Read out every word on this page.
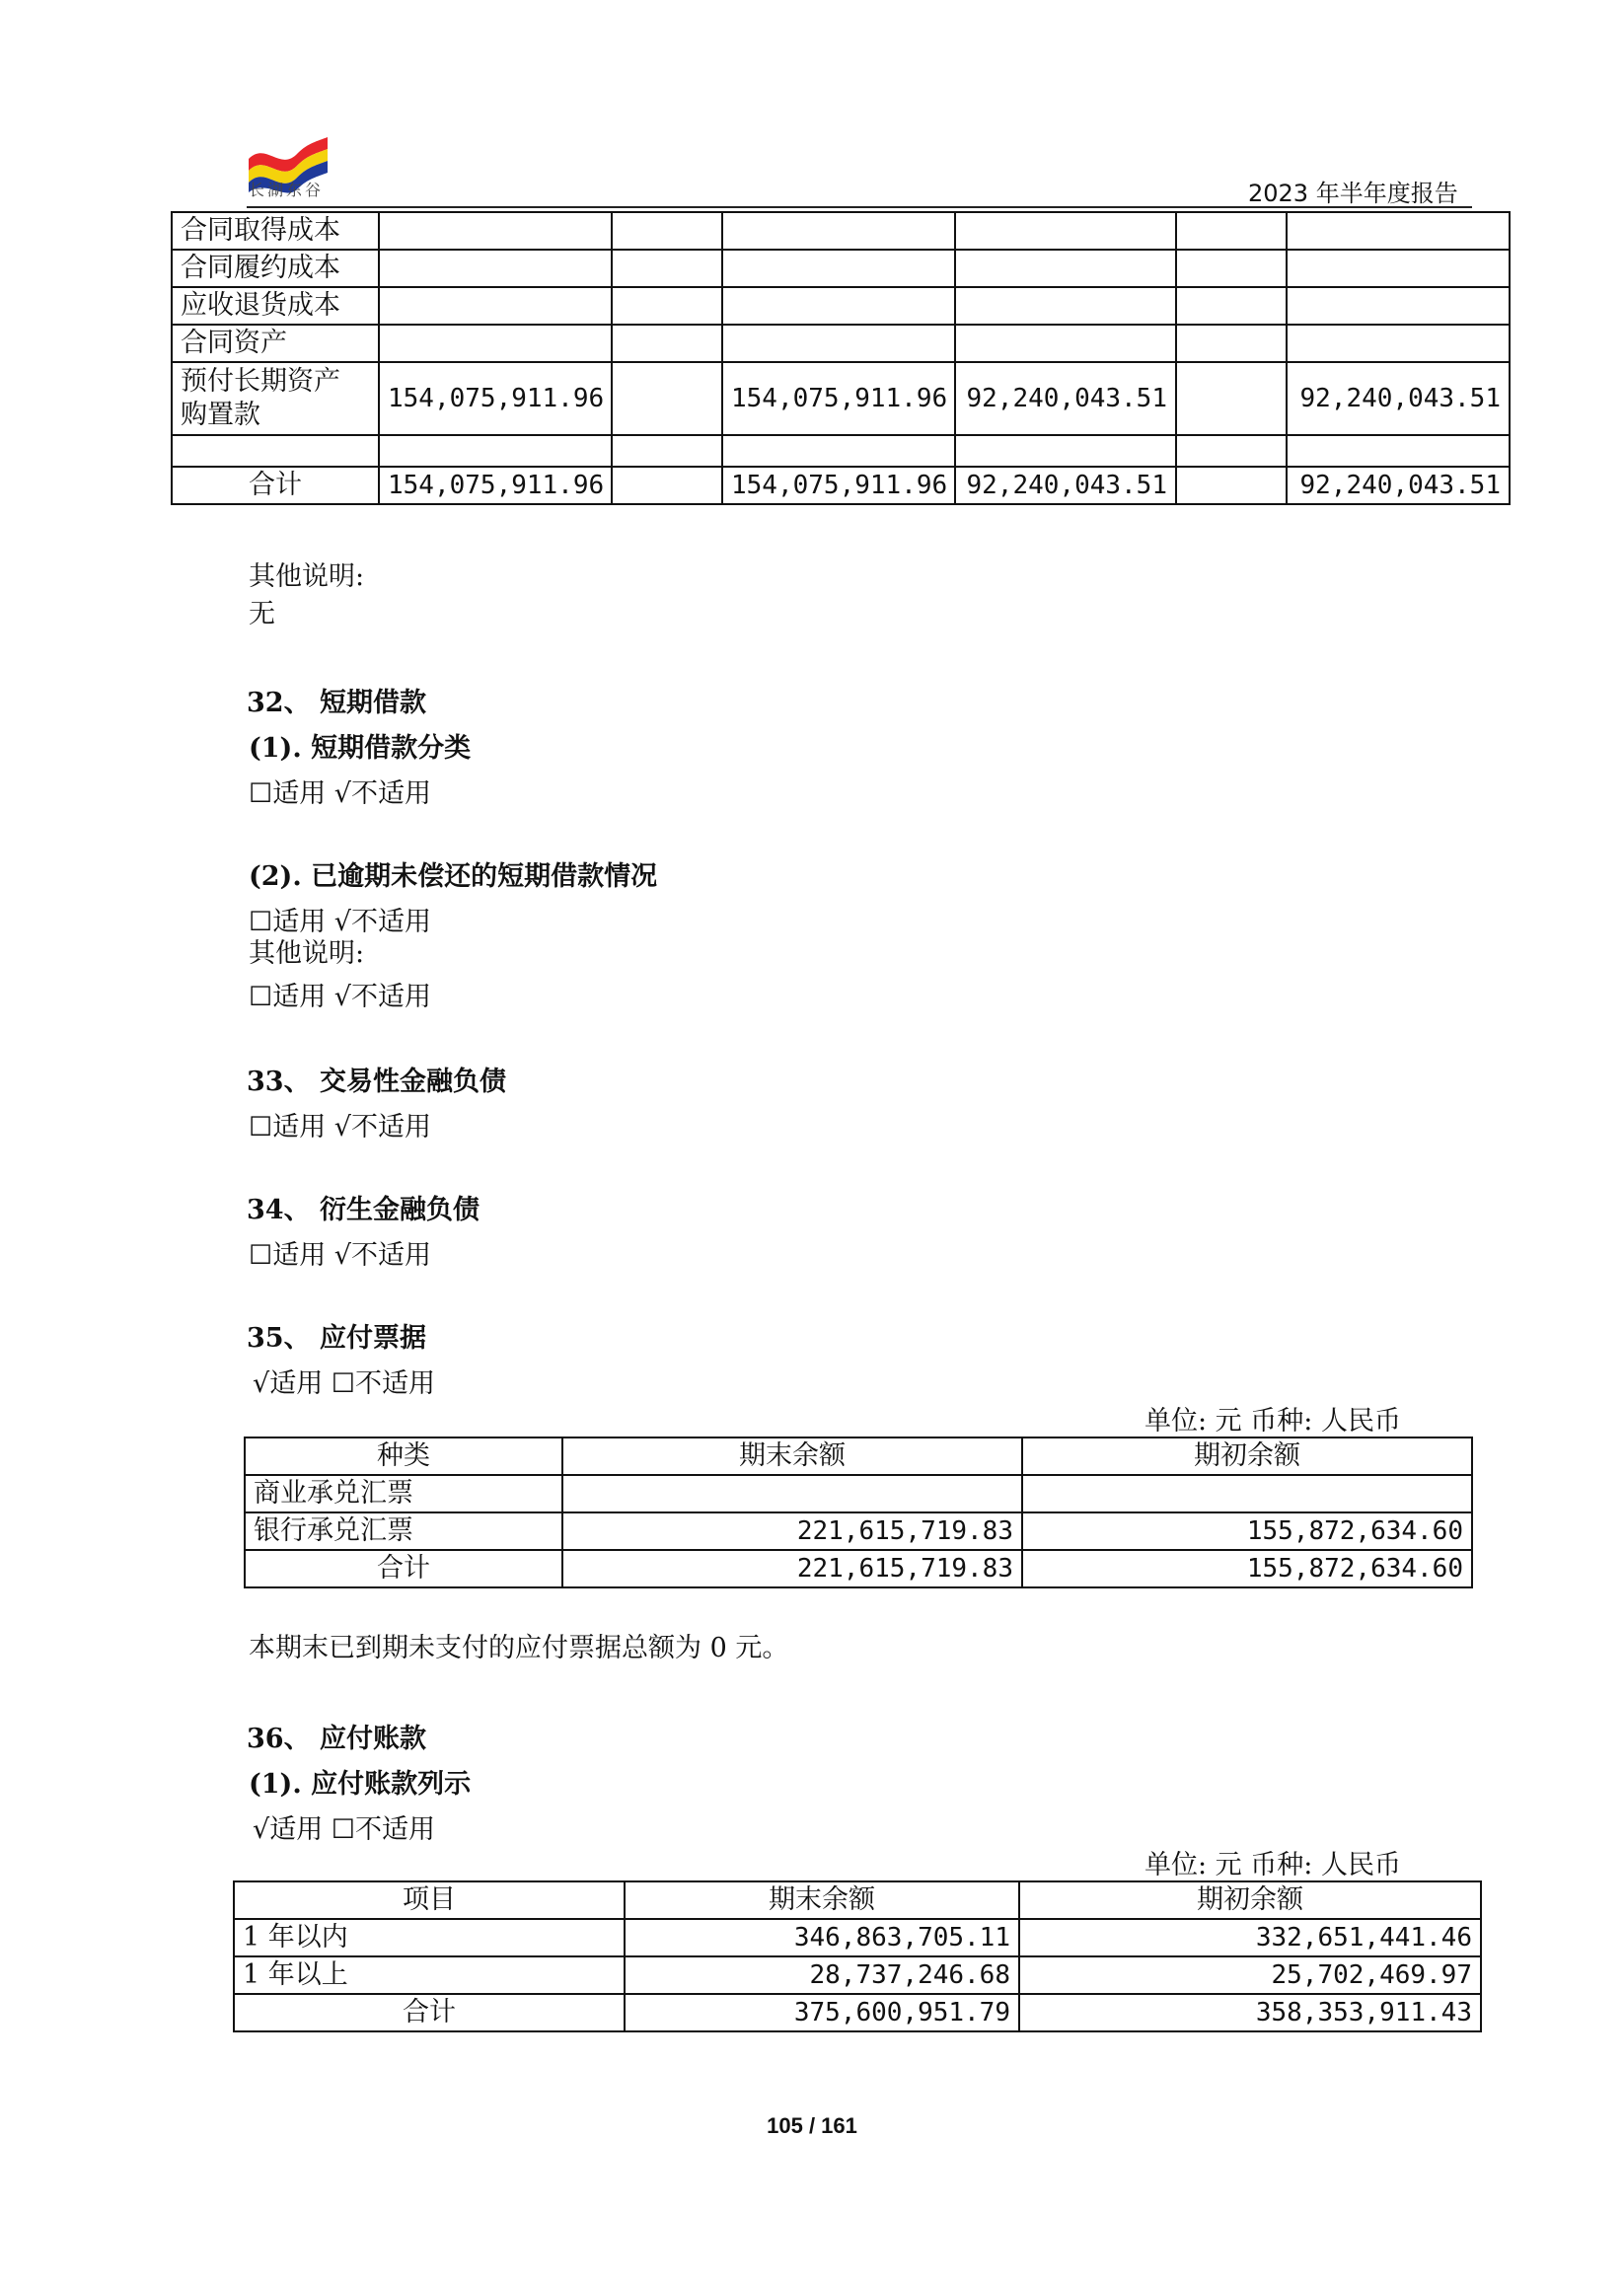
长湖东谷	2023 年半年度报告
合同取得成本						
合同履约成本						
应收退货成本						
合同资产						

预付长期资产
购置款	154,075,911.96		154,075,911.96	92,240,043.51		92,240,043.51

合计	154,075,911.96		154,075,911.96	92,240,043.51		92,240,043.51
其他说明:
无
32、 短期借款
(1). 短期借款分类
☐适用 √不适用
(2). 已逾期未偿还的短期借款情况
☐适用 √不适用
其他说明:
☐适用 √不适用
33、 交易性金融负债
☐适用 √不适用
34、 衍生金融负债
☐适用 √不适用
35、 应付票据
√适用 ☐不适用
单位: 元 币种: 人民币
种类	期末余额	期初余额
商业承兑汇票		
银行承兑汇票	221,615,719.83	155,872,634.60
合计	221,615,719.83	155,872,634.60
本期末已到期未支付的应付票据总额为 0 元。
36、 应付账款
(1). 应付账款列示
√适用 ☐不适用
单位: 元 币种: 人民币
项目	期末余额	期初余额
1 年以内	346,863,705.11	332,651,441.46
1 年以上	28,737,246.68	25,702,469.97
合计	375,600,951.79	358,353,911.43
105 / 161
